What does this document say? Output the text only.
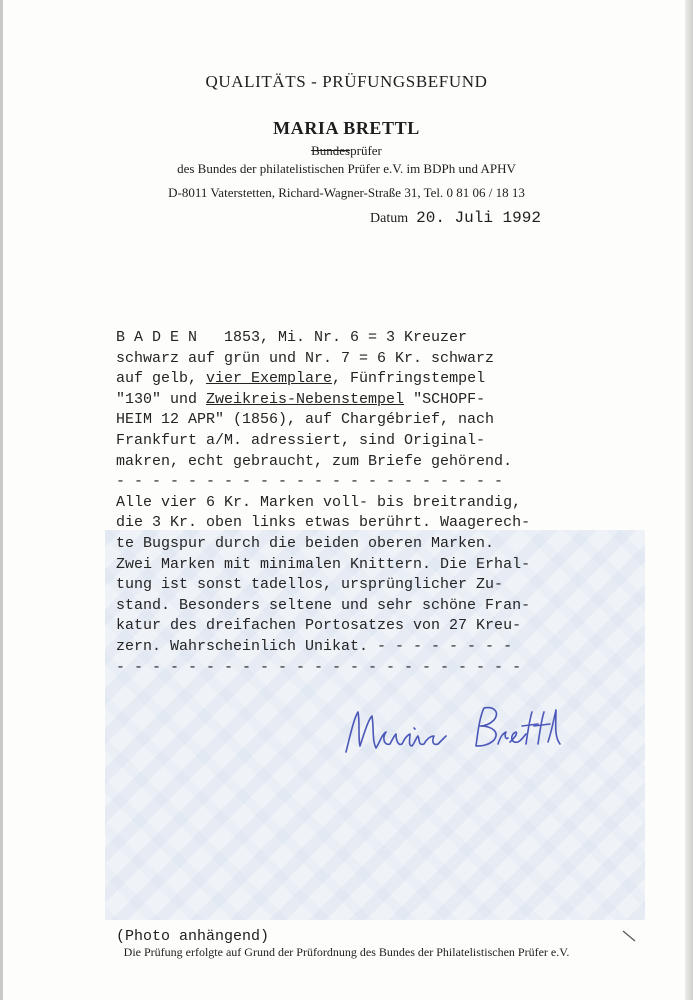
QUALITÄTS - PRÜFUNGSBEFUND
MARIA BRETTL
Bundesprüfer
des Bundes der philatelistischen Prüfer e.V. im BDPh und APHV
D-8011 Vaterstetten, Richard-Wagner-Straße 31, Tel. 0 81 06 / 18 13
Datum 20. Juli 1992
B A D E N   1853, Mi. Nr. 6 = 3 Kreuzer
schwarz auf grün und Nr. 7 = 6 Kr. schwarz
auf gelb, vier Exemplare, Fünfringstempel
"130" und Zweikreis-Nebenstempel "SCHOPF-
HEIM 12 APR" (1856), auf Chargébrief, nach
Frankfurt a/M. adressiert, sind Original-
makren, echt gebraucht, zum Briefe gehörend.
- - - - - - - - - - - - - - - - - - - - - -
Alle vier 6 Kr. Marken voll- bis breitrandig,
die 3 Kr. oben links etwas berührt. Waagerech-
te Bugspur durch die beiden oberen Marken.
Zwei Marken mit minimalen Knittern. Die Erhal-
tung ist sonst tadellos, ursprünglicher Zu-
stand. Besonders seltene und sehr schöne Fran-
katur des dreifachen Portosatzes von 27 Kreu-
zern. Wahrscheinlich Unikat. - - - - - - - -
- - - - - - - - - - - - - - - - - - - - - - -
(Photo anhängend)
Die Prüfung erfolgte auf Grund der Prüfordnung des Bundes der Philatelistischen Prüfer e.V.
